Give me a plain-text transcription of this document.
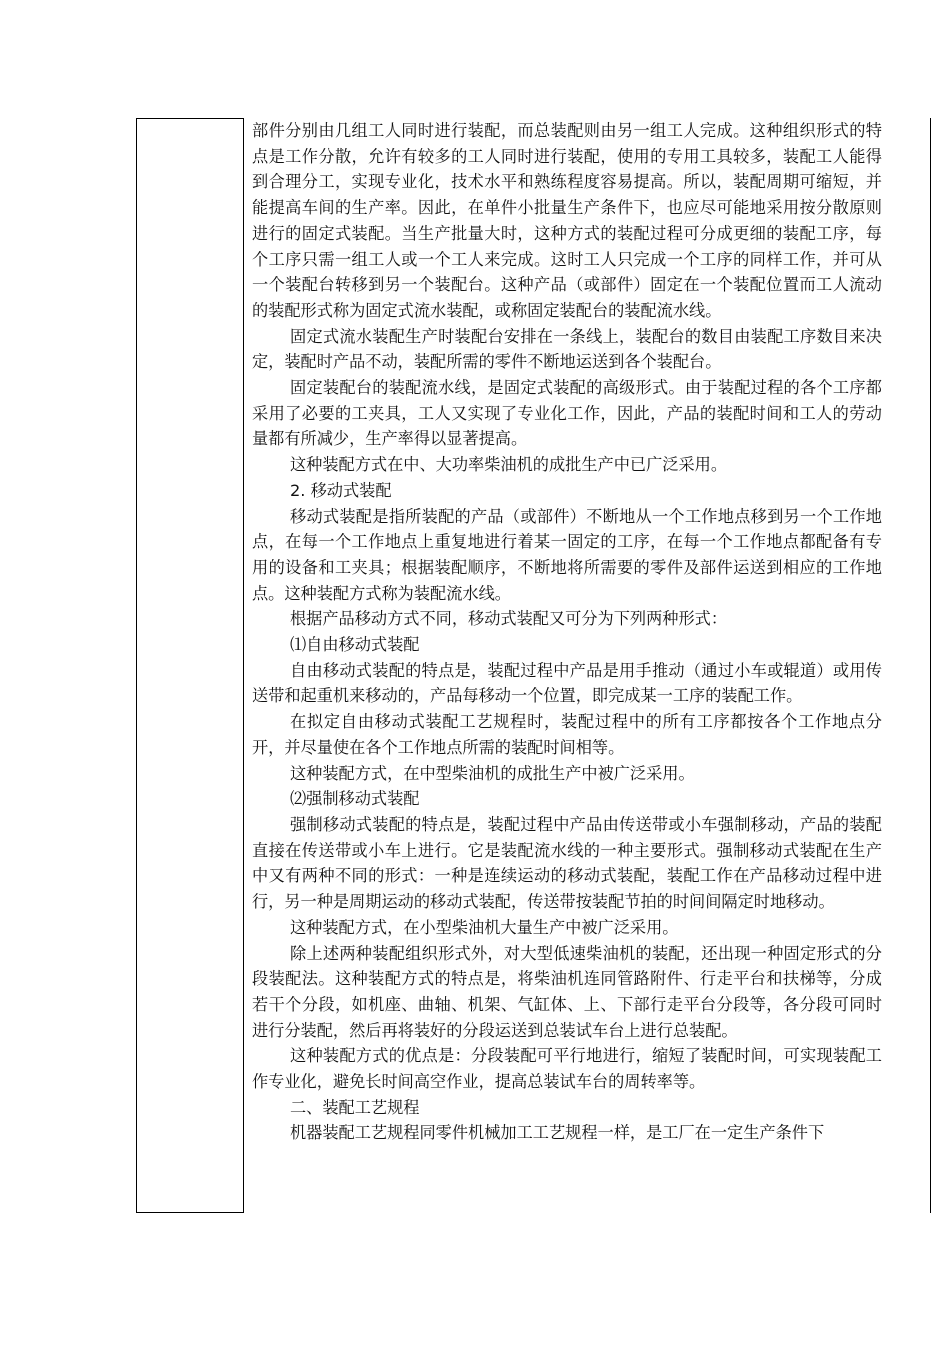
部件分别由几组工人同时进行装配，而总装配则由另一组工人完成。这种组织形式的特点是工作分散，允许有较多的工人同时进行装配，使用的专用工具较多，装配工人能得到合理分工，实现专业化，技术水平和熟练程度容易提高。所以，装配周期可缩短，并能提高车间的生产率。因此，在单件小批量生产条件下，也应尽可能地采用按分散原则进行的固定式装配。当生产批量大时，这种方式的装配过程可分成更细的装配工序，每个工序只需一组工人或一个工人来完成。这时工人只完成一个工序的同样工作，并可从一个装配台转移到另一个装配台。这种产品（或部件）固定在一个装配位置而工人流动的装配形式称为固定式流水装配，或称固定装配台的装配流水线。

固定式流水装配生产时装配台安排在一条线上，装配台的数目由装配工序数目来决定，装配时产品不动，装配所需的零件不断地运送到各个装配台。

固定装配台的装配流水线，是固定式装配的高级形式。由于装配过程的各个工序都采用了必要的工夹具，工人又实现了专业化工作，因此，产品的装配时间和工人的劳动量都有所减少，生产率得以显著提高。

这种装配方式在中、大功率柴油机的成批生产中已广泛采用。

2. 移动式装配

移动式装配是指所装配的产品（或部件）不断地从一个工作地点移到另一个工作地点，在每一个工作地点上重复地进行着某一固定的工序，在每一个工作地点都配备有专用的设备和工夹具；根据装配顺序，不断地将所需要的零件及部件运送到相应的工作地点。这种装配方式称为装配流水线。

根据产品移动方式不同，移动式装配又可分为下列两种形式：

⑴自由移动式装配

自由移动式装配的特点是，装配过程中产品是用手推动（通过小车或辊道）或用传送带和起重机来移动的，产品每移动一个位置，即完成某一工序的装配工作。

在拟定自由移动式装配工艺规程时，装配过程中的所有工序都按各个工作地点分开，并尽量使在各个工作地点所需的装配时间相等。

这种装配方式，在中型柴油机的成批生产中被广泛采用。

⑵强制移动式装配

强制移动式装配的特点是，装配过程中产品由传送带或小车强制移动，产品的装配直接在传送带或小车上进行。它是装配流水线的一种主要形式。强制移动式装配在生产中又有两种不同的形式：一种是连续运动的移动式装配，装配工作在产品移动过程中进行，另一种是周期运动的移动式装配，传送带按装配节拍的时间间隔定时地移动。

这种装配方式，在小型柴油机大量生产中被广泛采用。

除上述两种装配组织形式外，对大型低速柴油机的装配，还出现一种固定形式的分段装配法。这种装配方式的特点是，将柴油机连同管路附件、行走平台和扶梯等，分成若干个分段，如机座、曲轴、机架、气缸体、上、下部行走平台分段等，各分段可同时进行分装配，然后再将装好的分段运送到总装试车台上进行总装配。

这种装配方式的优点是：分段装配可平行地进行，缩短了装配时间，可实现装配工作专业化，避免长时间高空作业，提高总装试车台的周转率等。

二、装配工艺规程

机器装配工艺规程同零件机械加工工艺规程一样，是工厂在一定生产条件下
